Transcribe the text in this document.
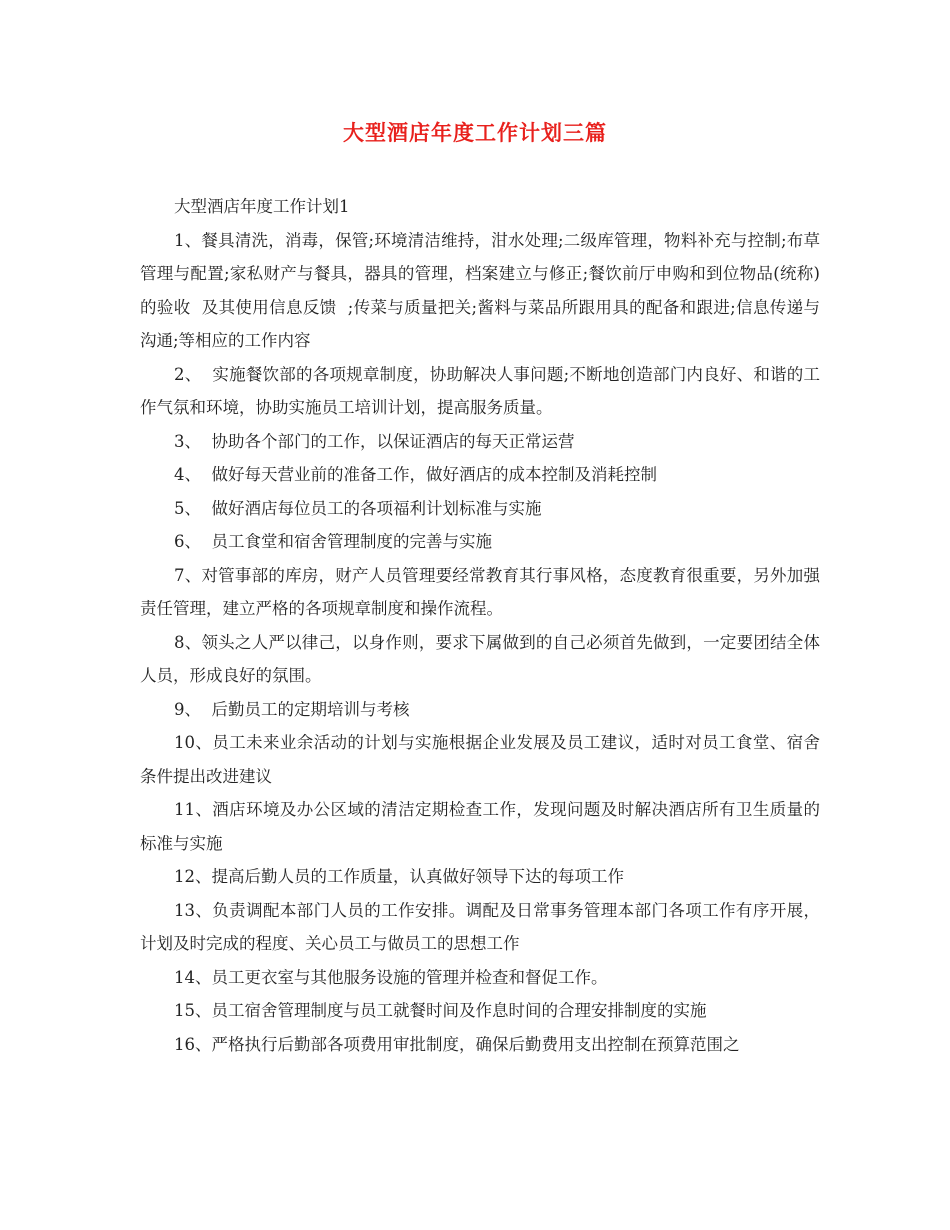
大型酒店年度工作计划三篇

大型酒店年度工作计划1

1、餐具清洗，消毒，保管;环境清洁维持，泔水处理;二级库管理，物料补充与控制;布草管理与配置;家私财产与餐具，器具的管理，档案建立与修正;餐饮前厅申购和到位物品(统称)的验收  及其使用信息反馈  ;传菜与质量把关;酱料与菜品所跟用具的配备和跟进;信息传递与沟通;等相应的工作内容

2、  实施餐饮部的各项规章制度，协助解决人事问题;不断地创造部门内良好、和谐的工作气氛和环境，协助实施员工培训计划，提高服务质量。

3、  协助各个部门的工作，以保证酒店的每天正常运营

4、  做好每天营业前的准备工作，做好酒店的成本控制及消耗控制

5、  做好酒店每位员工的各项福利计划标准与实施

6、  员工食堂和宿舍管理制度的完善与实施

7、对管事部的库房，财产人员管理要经常教育其行事风格，态度教育很重要，另外加强责任管理，建立严格的各项规章制度和操作流程。

8、领头之人严以律己，以身作则，要求下属做到的自己必须首先做到，一定要团结全体人员，形成良好的氛围。

9、  后勤员工的定期培训与考核

10、员工未来业余活动的计划与实施根据企业发展及员工建议，适时对员工食堂、宿舍条件提出改进建议

11、酒店环境及办公区域的清洁定期检查工作，发现问题及时解决酒店所有卫生质量的标准与实施

12、提高后勤人员的工作质量，认真做好领导下达的每项工作

13、负责调配本部门人员的工作安排。调配及日常事务管理本部门各项工作有序开展，计划及时完成的程度、关心员工与做员工的思想工作

14、员工更衣室与其他服务设施的管理并检查和督促工作。

15、员工宿舍管理制度与员工就餐时间及作息时间的合理安排制度的实施

16、严格执行后勤部各项费用审批制度，确保后勤费用支出控制在预算范围之
